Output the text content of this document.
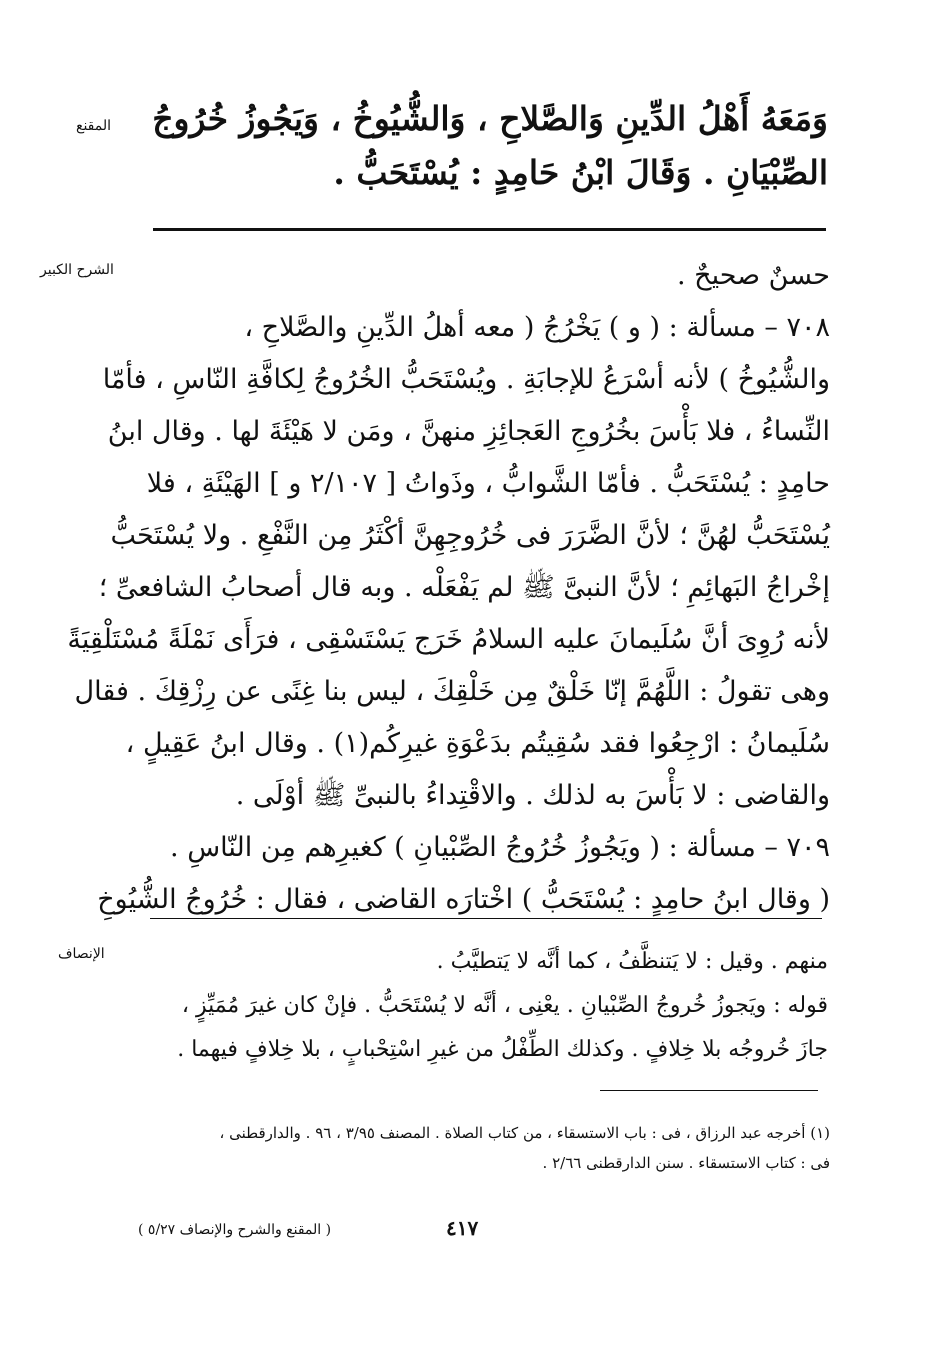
المقنع وَمَعَهُ أَهْلُ الدِّينِ وَالصَّلاحِ ، وَالشُّيُوخُ ، وَيَجُوزُ خُرُوجُ
الصِّبْيَانِ . وَقَالَ ابْنُ حَامِدٍ : يُسْتَحَبُّ .
الشرح الكبير	حسنٌ صحيحٌ .
٧٠٨ – مسألة : ( و ) يَخْرُجُ ( معه أهلُ الدِّينِ والصَّلاحِ ،
والشُّيُوخُ ) لأنه أسْرَعُ للإجابَةِ . ويُسْتَحَبُّ الخُرُوجُ لِكافَّةِ النّاسِ ، فأمّا
النِّساءُ ، فلا بَأْسَ بخُرُوجِ العَجائِزِ منهنَّ ، ومَن لا هَيْئَةَ لها . وقال ابنُ
حامِدٍ : يُسْتَحَبُّ . فأمّا الشَّوابُّ ، وذَواتُ [ ٢/١٠٧ و ] الهَيْئَةِ ، فلا
يُسْتَحَبُّ لهُنَّ ؛ لأنَّ الضَّرَرَ فى خُرُوجِهِنَّ أكْثَرُ مِن النَّفْعِ . ولا يُسْتَحَبُّ
إخْراجُ البَهائِمِ ؛ لأنَّ النبىَّ ﷺ لم يَفْعَلْه . وبه قال أصحابُ الشافعىِّ ؛
لأنه رُوِىَ أنَّ سُلَيمانَ عليه السلامُ خَرَج يَسْتَسْقِى ، فرَأَى نَمْلَةً مُسْتَلْقِيَةً
وهى تقولُ : اللَّهُمَّ إنّا خَلْقٌ مِن خَلْقِكَ ، ليس بنا غِنًى عن رِزْقِكَ . فقال
سُلَيمانُ : ارْجِعُوا فقد سُقِيتُم بدَعْوَةِ غيرِكُم(١) . وقال ابنُ عَقِيلٍ ،
والقاضى : لا بَأْسَ به لذلك . والاقْتِداءُ بالنبىِّ ﷺ أوْلَى .
٧٠٩ – مسألة : ( ويَجُوزُ خُرُوجُ الصِّبْيانِ ) كغيرِهم مِن النّاسِ .
( وقال ابنُ حامِدٍ : يُسْتَحَبُّ ) اخْتارَه القاضى ، فقال : خُرُوجُ الشُّيُوخِ
الإنصاف	منهم . وقيل : لا يَتنظَّفُ ، كما أنَّه لا يَتطيَّبُ .
قوله : ويَجوزُ خُروجُ الصِّبْيانِ . يعْنِى ، أنَّه لا يُسْتَحَبُّ . فإنْ كان غيرَ مُمَيِّزٍ ،
جازَ خُروجُه بلا خِلافٍ . وكذلك الطِّفْلُ من غيرِ اسْتِحْبابٍ ، بلا خِلافٍ فيهما .
(١) أخرجه عبد الرزاق ، فى : باب الاستسقاء ، من كتاب الصلاة . المصنف ٣/٩٥ ، ٩٦ . والدارقطنى ،
فى : كتاب الاستسقاء . سنن الدارقطنى ٢/٦٦ .
٤١٧
( المقنع والشرح والإنصاف ٥/٢٧ )
